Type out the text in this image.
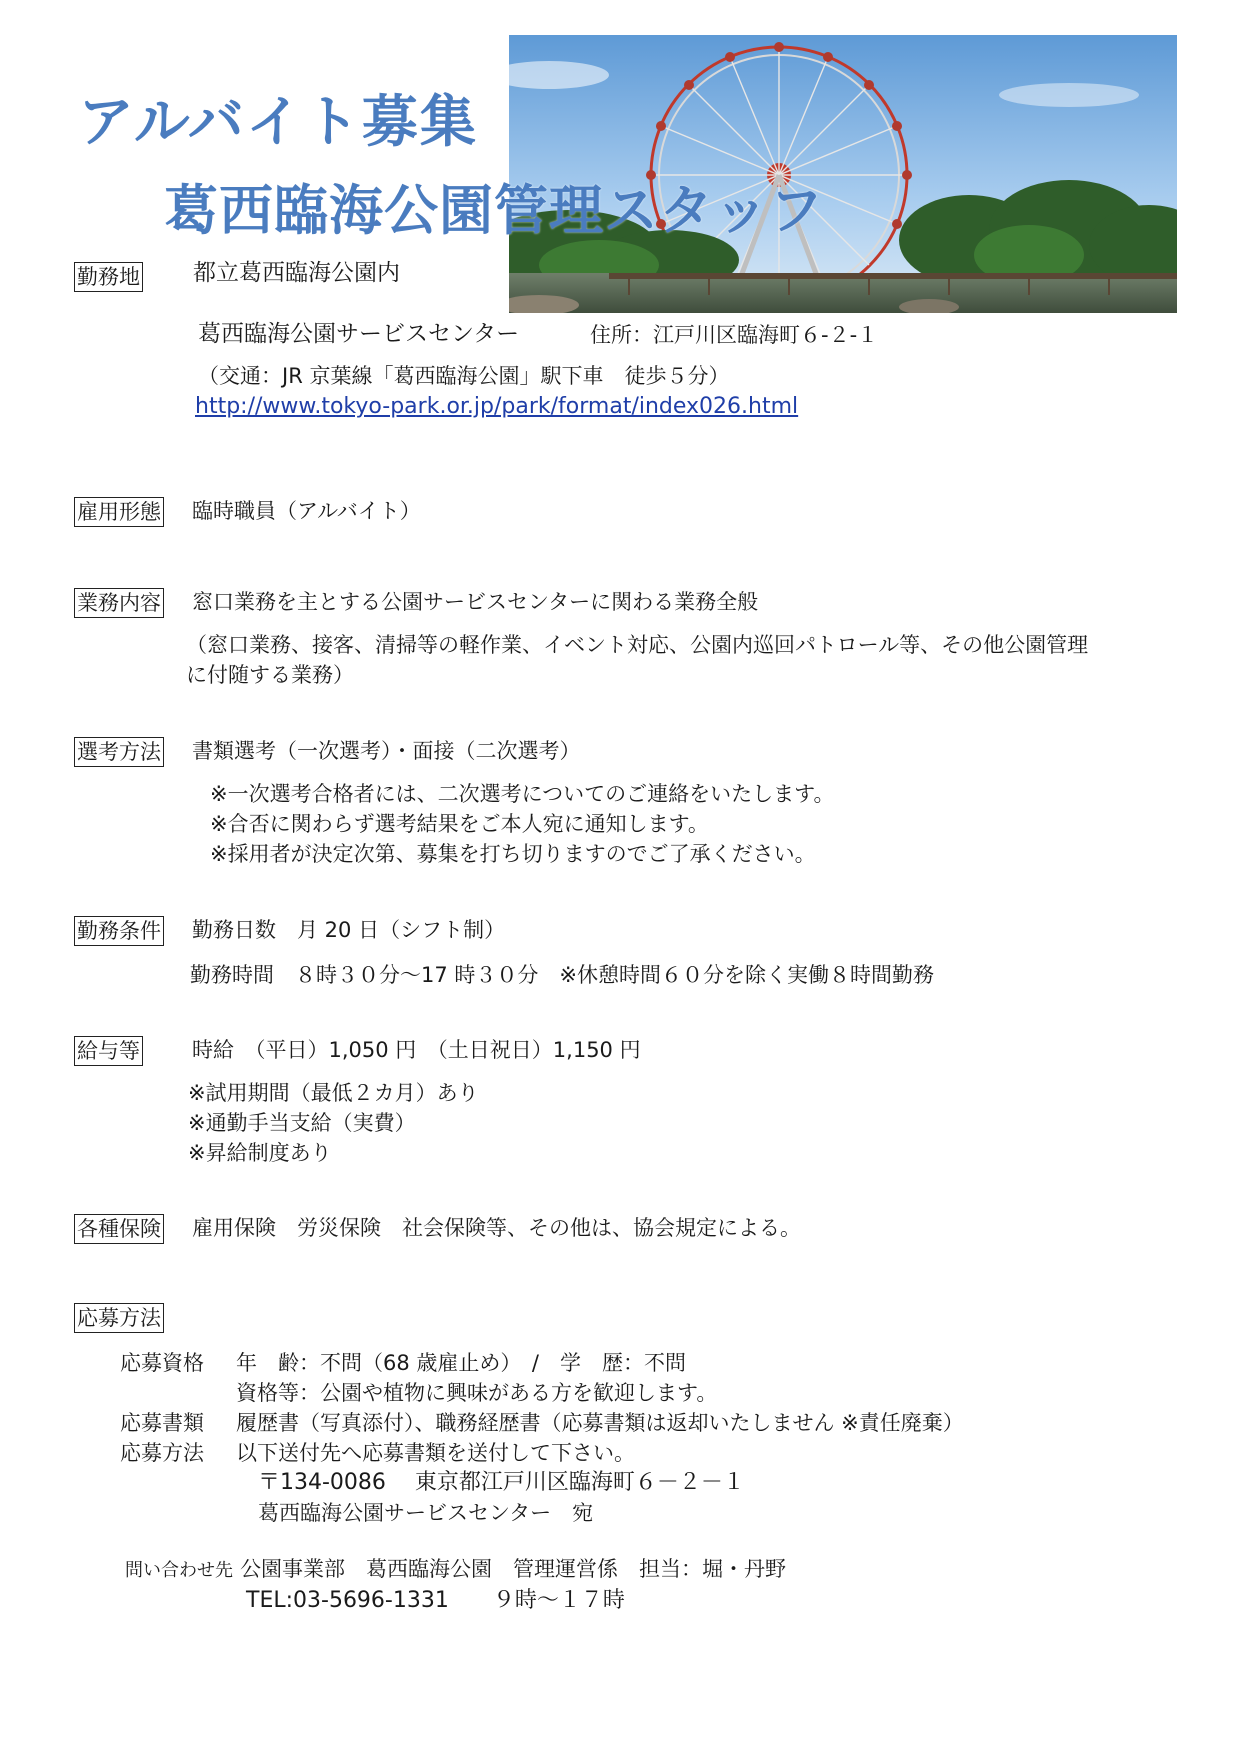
アルバイト募集
葛西臨海公園管理スタッフ
勤務地 都立葛西臨海公園内
葛西臨海公園サービスセンター	住所：江戸川区臨海町６-２-１
（交通：JR 京葉線「葛西臨海公園」駅下車　徒歩５分）
http://www.tokyo-park.or.jp/park/format/index026.html
雇用形態 臨時職員（アルバイト）
業務内容 窓口業務を主とする公園サービスセンターに関わる業務全般
（窓口業務、接客、清掃等の軽作業、イベント対応、公園内巡回パトロール等、その他公園管理
に付随する業務）
選考方法 書類選考（一次選考）・面接（二次選考）
※一次選考合格者には、二次選考についてのご連絡をいたします。
※合否に関わらず選考結果をご本人宛に通知します。
※採用者が決定次第、募集を打ち切りますのでご了承ください。
勤務条件 勤務日数　月 20 日（シフト制）
勤務時間　８時３０分～17 時３０分　※休憩時間６０分を除く実働８時間勤務
給与等 時給　（平日）1,050 円　（土日祝日）1,150 円
※試用期間（最低２カ月）あり
※通勤手当支給（実費）
※昇給制度あり
各種保険 雇用保険　労災保険　社会保険等、その他は、協会規定による。
応募方法
応募資格 年　齢：不問（68 歳雇止め）　/　学　歴：不問
資格等：公園や植物に興味がある方を歓迎します。
応募書類 履歴書（写真添付）、職務経歴書（応募書類は返却いたしません ※責任廃棄）
応募方法 以下送付先へ応募書類を送付して下さい。
〒134-0086　 東京都江戸川区臨海町６－２－１
葛西臨海公園サービスセンター　宛
問い合わせ先 公園事業部　葛西臨海公園　管理運営係　担当：堀・丹野
TEL:03-5696-1331　　９時～１７時
